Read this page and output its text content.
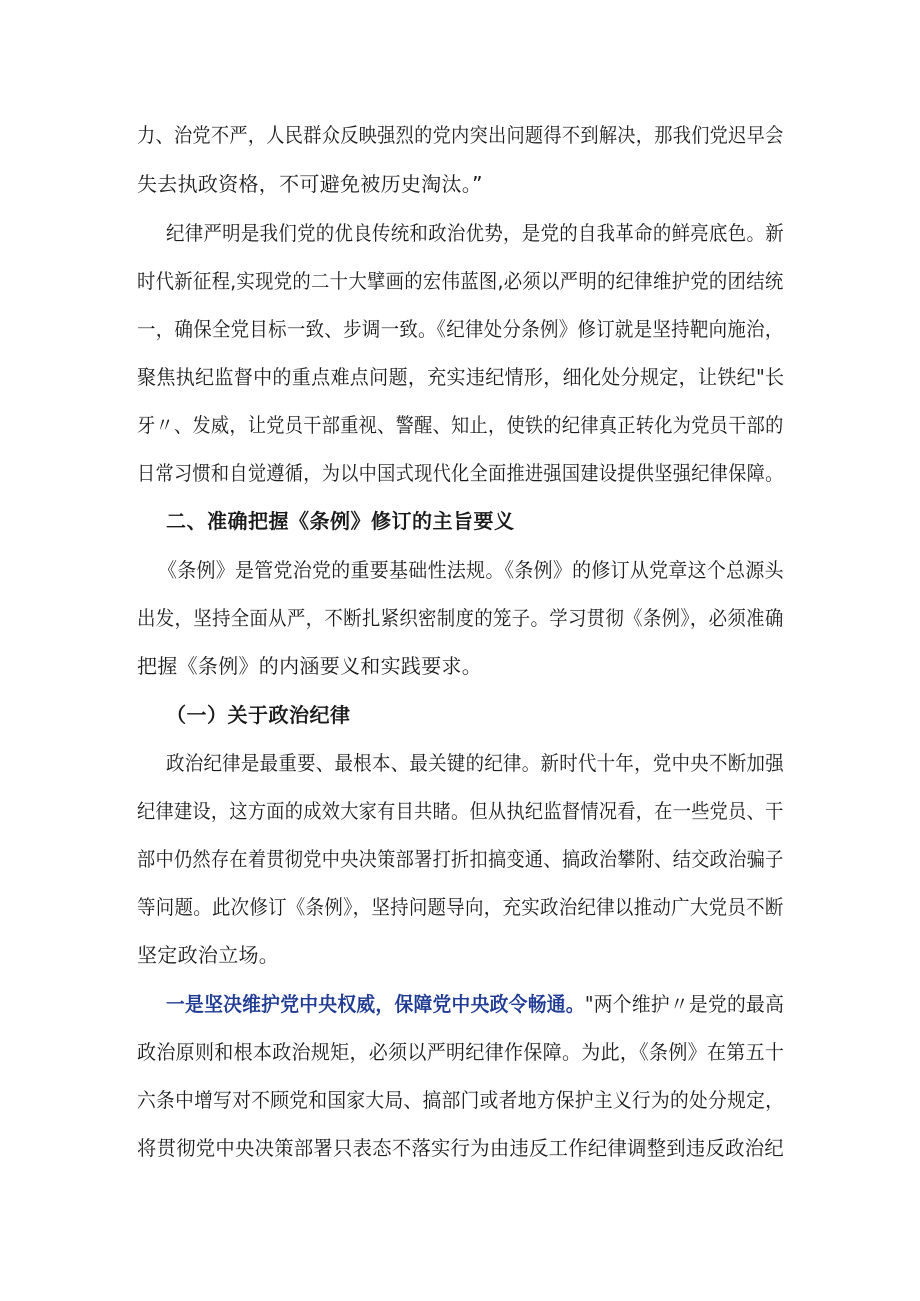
力、治党不严，人民群众反映强烈的党内突出问题得不到解决，那我们党迟早会
失去执政资格，不可避免被历史淘汰。”
纪律严明是我们党的优良传统和政治优势，是党的自我革命的鲜亮底色。新
时代新征程,实现党的二十大擘画的宏伟蓝图,必须以严明的纪律维护党的团结统
一，确保全党目标一致、步调一致。《纪律处分条例》修订就是坚持靶向施治，
聚焦执纪监督中的重点难点问题，充实违纪情形，细化处分规定，让铁纪"长
牙〃、发威，让党员干部重视、警醒、知止，使铁的纪律真正转化为党员干部的
日常习惯和自觉遵循，为以中国式现代化全面推进强国建设提供坚强纪律保障。
二、准确把握《条例》修订的主旨要义
《条例》是管党治党的重要基础性法规。《条例》的修订从党章这个总源头
出发，坚持全面从严，不断扎紧织密制度的笼子。学习贯彻《条例》，必须准确
把握《条例》的内涵要义和实践要求。
（一）关于政治纪律
政治纪律是最重要、最根本、最关键的纪律。新时代十年，党中央不断加强
纪律建设，这方面的成效大家有目共睹。但从执纪监督情况看，在一些党员、干
部中仍然存在着贯彻党中央决策部署打折扣搞变通、搞政治攀附、结交政治骗子
等问题。此次修订《条例》，坚持问题导向，充实政治纪律以推动广大党员不断
坚定政治立场。
一是坚决维护党中央权威，保障党中央政令畅通。"两个维护〃是党的最高
政治原则和根本政治规矩，必须以严明纪律作保障。为此，《条例》在第五十
六条中增写对不顾党和国家大局、搞部门或者地方保护主义行为的处分规定，
将贯彻党中央决策部署只表态不落实行为由违反工作纪律调整到违反政治纪
